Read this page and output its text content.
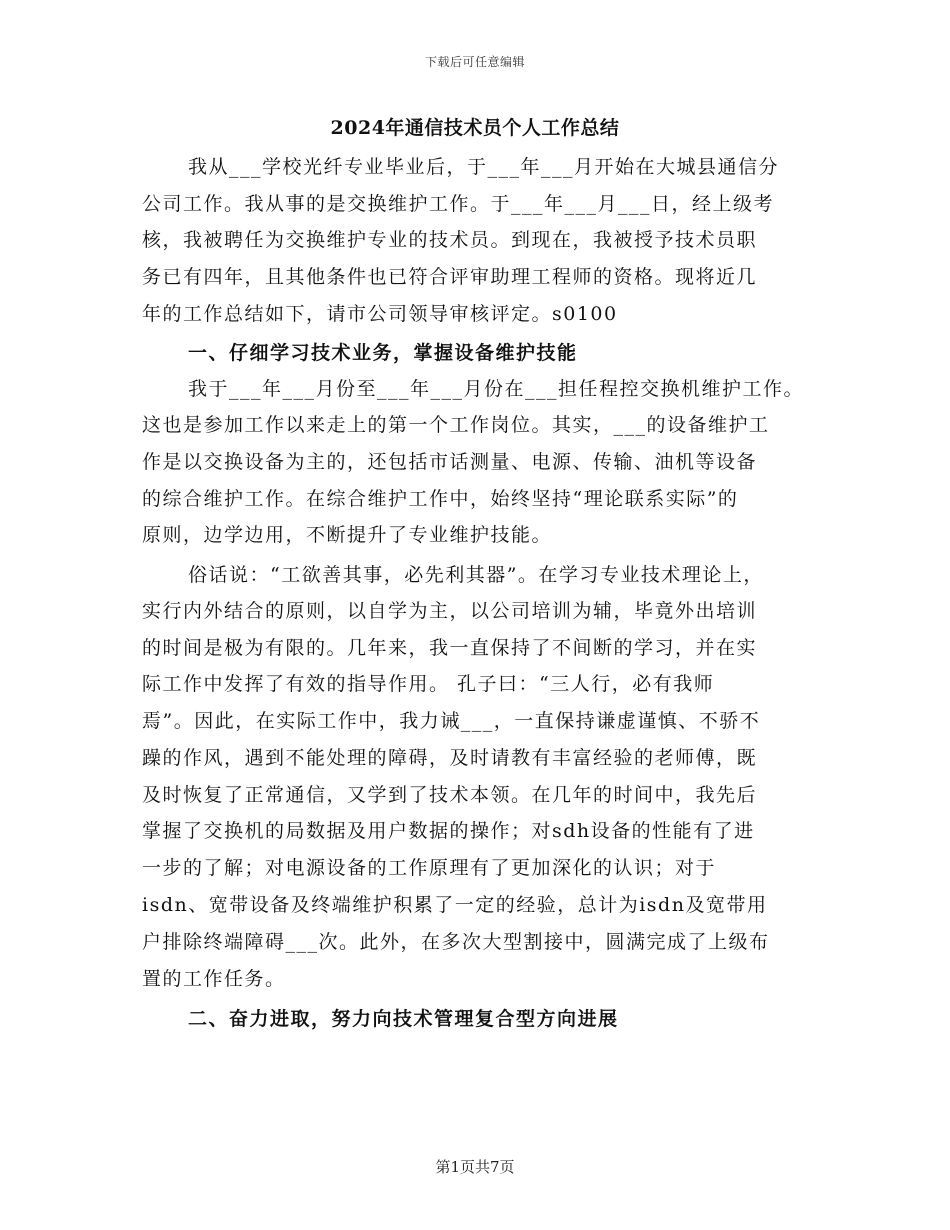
下载后可任意编辑
2024年通信技术员个人工作总结
我从___学校光纤专业毕业后，于___年___月开始在大城县通信分
公司工作。我从事的是交换维护工作。于___年___月___日，经上级考
核，我被聘任为交换维护专业的技术员。到现在，我被授予技术员职
务已有四年，且其他条件也已符合评审助理工程师的资格。现将近几
年的工作总结如下，请市公司领导审核评定。s0100
一、仔细学习技术业务，掌握设备维护技能
我于___年___月份至___年___月份在___担任程控交换机维护工作。
这也是参加工作以来走上的第一个工作岗位。其实，___的设备维护工
作是以交换设备为主的，还包括市话测量、电源、传输、油机等设备
的综合维护工作。在综合维护工作中，始终坚持“理论联系实际”的
原则，边学边用，不断提升了专业维护技能。
俗话说：“工欲善其事，必先利其器”。在学习专业技术理论上，
实行内外结合的原则，以自学为主，以公司培训为辅，毕竟外出培训
的时间是极为有限的。几年来，我一直保持了不间断的学习，并在实
际工作中发挥了有效的指导作用。 孔子曰：“三人行，必有我师
焉”。因此，在实际工作中，我力诫___，一直保持谦虚谨慎、不骄不
躁的作风，遇到不能处理的障碍，及时请教有丰富经验的老师傅，既
及时恢复了正常通信，又学到了技术本领。在几年的时间中，我先后
掌握了交换机的局数据及用户数据的操作；对sdh设备的性能有了进
一步的了解；对电源设备的工作原理有了更加深化的认识；对于
isdn、宽带设备及终端维护积累了一定的经验，总计为isdn及宽带用
户排除终端障碍___次。此外，在多次大型割接中，圆满完成了上级布
置的工作任务。
二、奋力进取，努力向技术管理复合型方向进展
第1页共7页
